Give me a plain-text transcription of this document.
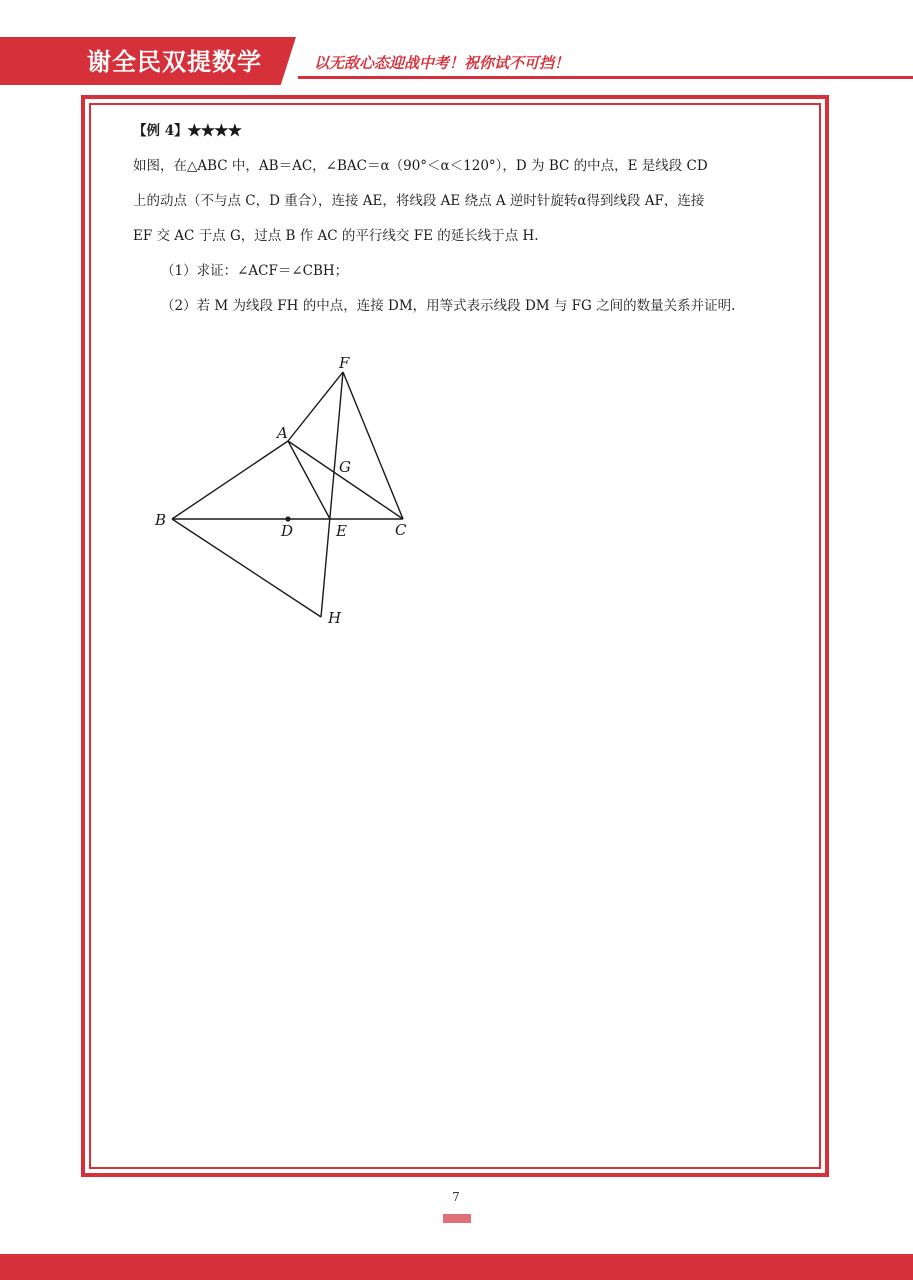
谢全民双提数学	以无敌心态迎战中考！祝你试不可挡！

【例 4】★★★★

如图，在△ABC 中，AB＝AC，∠BAC＝α（90°＜α＜120°），D 为 BC 的中点，E 是线段 CD

上的动点（不与点 C，D 重合），连接 AE，将线段 AE 绕点 A 逆时针旋转α得到线段 AF，连接

EF 交 AC 于点 G，过点 B 作 AC 的平行线交 FE 的延长线于点 H.

（1）求证：∠ACF＝∠CBH；

（2）若 M 为线段 FH 的中点，连接 DM，用等式表示线段 DM 与 FG 之间的数量关系并证明.

F
A
G
B
D	E	C
H
7
